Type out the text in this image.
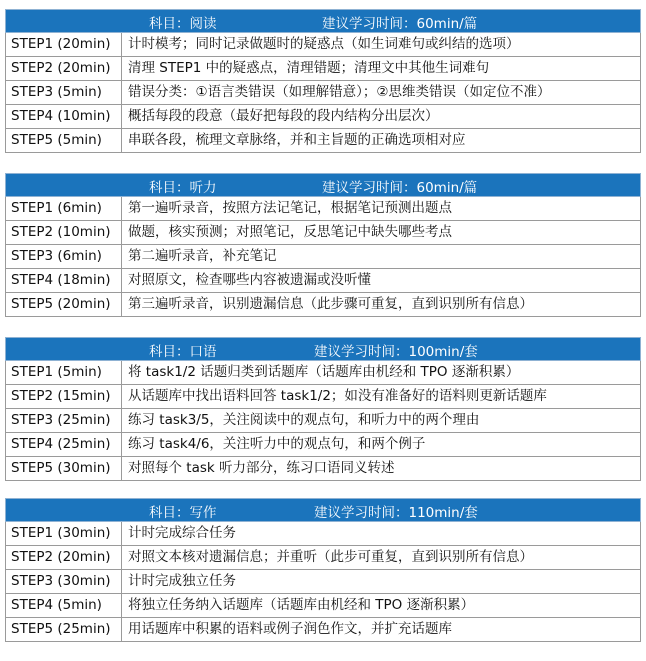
科目：阅读 建议学习时间：60min/篇	

STEP1 (20min)	计时模考；同时记录做题时的疑惑点（如生词难句或纠结的选项）
STEP2 (20min)	清理 STEP1 中的疑惑点，清理错题；清理文中其他生词难句
STEP3 (5min)	错误分类：①语言类错误（如理解错意）；②思维类错误（如定位不准）
STEP4 (10min)	概括每段的段意（最好把每段的段内结构分出层次）
STEP5 (5min)	串联各段，梳理文章脉络，并和主旨题的正确选项相对应
科目：听力 建议学习时间：60min/篇	

STEP1 (6min)	第一遍听录音，按照方法记笔记，根据笔记预测出题点
STEP2 (10min)	做题，核实预测；对照笔记，反思笔记中缺失哪些考点
STEP3 (6min)	第二遍听录音，补充笔记
STEP4 (18min)	对照原文，检查哪些内容被遗漏或没听懂
STEP5 (20min)	第三遍听录音，识别遗漏信息（此步骤可重复，直到识别所有信息）
科目：口语 建议学习时间：100min/套	

STEP1 (5min)	将 task1/2 话题归类到话题库（话题库由机经和 TPO 逐渐积累）
STEP2 (15min)	从话题库中找出语料回答 task1/2；如没有准备好的语料则更新话题库
STEP3 (25min)	练习 task3/5，关注阅读中的观点句，和听力中的两个理由
STEP4 (25min)	练习 task4/6，关注听力中的观点句，和两个例子
STEP5 (30min)	对照每个 task 听力部分，练习口语同义转述
科目：写作 建议学习时间：110min/套	

STEP1 (30min)	计时完成综合任务
STEP2 (20min)	对照文本核对遗漏信息；并重听（此步可重复，直到识别所有信息）
STEP3 (30min)	计时完成独立任务
STEP4 (5min)	将独立任务纳入话题库（话题库由机经和 TPO 逐渐积累）
STEP5 (25min)	用话题库中积累的语料或例子润色作文，并扩充话题库
